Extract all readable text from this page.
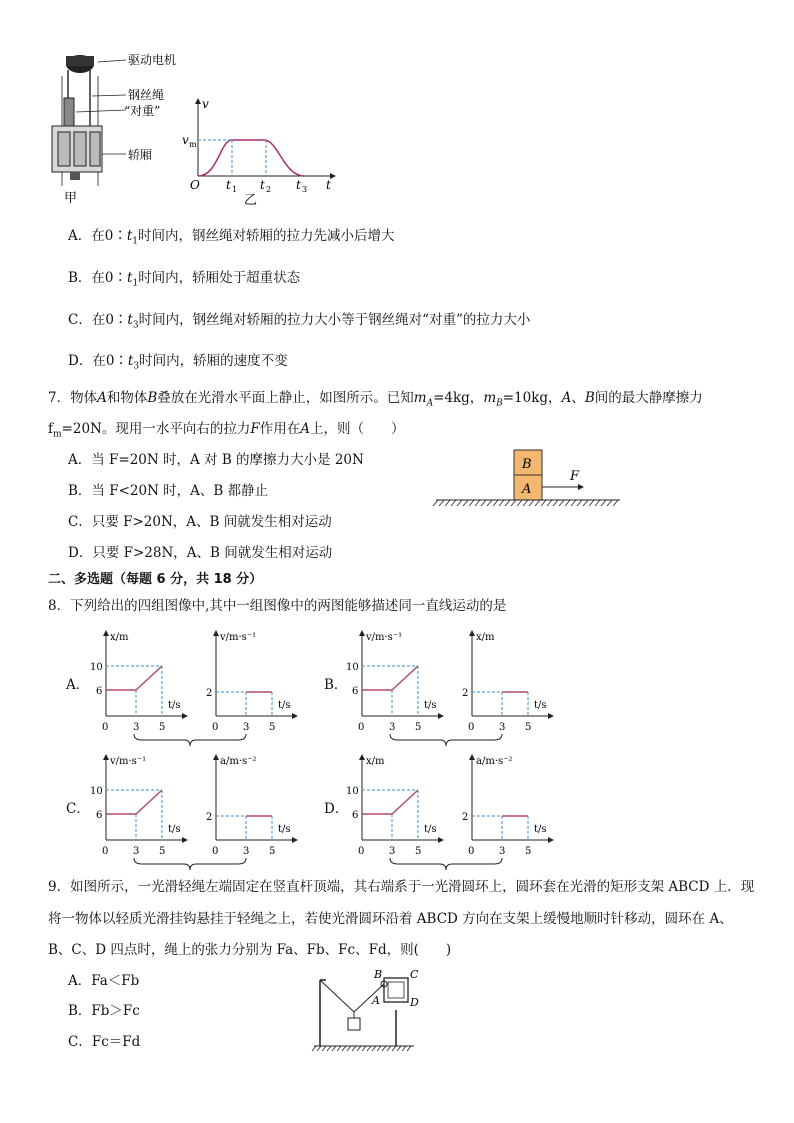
驱动电机
钢丝绳
“对重”
轿厢
甲
v
v m
O	t
t 1 t 2 t 3
乙
A．在$0∶t_1$时间内，钢丝绳对轿厢的拉力先减小后增大
B．在$0∶t_1$时间内，轿厢处于超重状态
C．在$0∶t_3$时间内，钢丝绳对轿厢的拉力大小等于钢丝绳对“对重”的拉力大小
D．在$0∶t_3$时间内，轿厢的速度不变
7．物体A和物体B叠放在光滑水平面上静止，如图所示。已知$m_A=4kg$，$m_B=10kg$，A、B间的最大静摩擦力
$f_m=20N$。现用一水平向右的拉力F作用在A上，则（　　）
A．当 F=20N 时，A 对 B 的摩擦力大小是 20N
B．当 F<20N 时，A、B 都静止
C．只要 F>20N，A、B 间就发生相对运动
D．只要 F>28N，A、B 间就发生相对运动
B
A
F
二、多选题（每题 6 分，共 18 分）
8．下列给出的四组图像中,其中一组图像中的两图能够描述同一直线运动的是
A．	B．
C．	D．
x/m
t/s
0 3 5
10
6
v/m·s⁻¹
t/s
0 3 5
2
v/m·s⁻¹
t/s
0 3 5
10
6
x/m
t/s
0 3 5
2
v/m·s⁻¹
t/s
0 3 5
10
6
a/m·s⁻²
t/s
0 3 5
2
x/m
t/s
0 3 5
10
6
a/m·s⁻²
t/s
0 3 5
2
9．如图所示，一光滑轻绳左端固定在竖直杆顶端，其右端系于一光滑圆环上，圆环套在光滑的矩形支架 ABCD 上．现
将一物体以轻质光滑挂钩悬挂于轻绳之上，若使光滑圆环沿着 ABCD 方向在支架上缓慢地顺时针移动，圆环在 A、
B、C、D 四点时，绳上的张力分别为 Fa、Fb、Fc、Fd，则(　　)
A．Fa＜Fb
B．Fb＞Fc
C．Fc＝Fd
B	C
A	D
